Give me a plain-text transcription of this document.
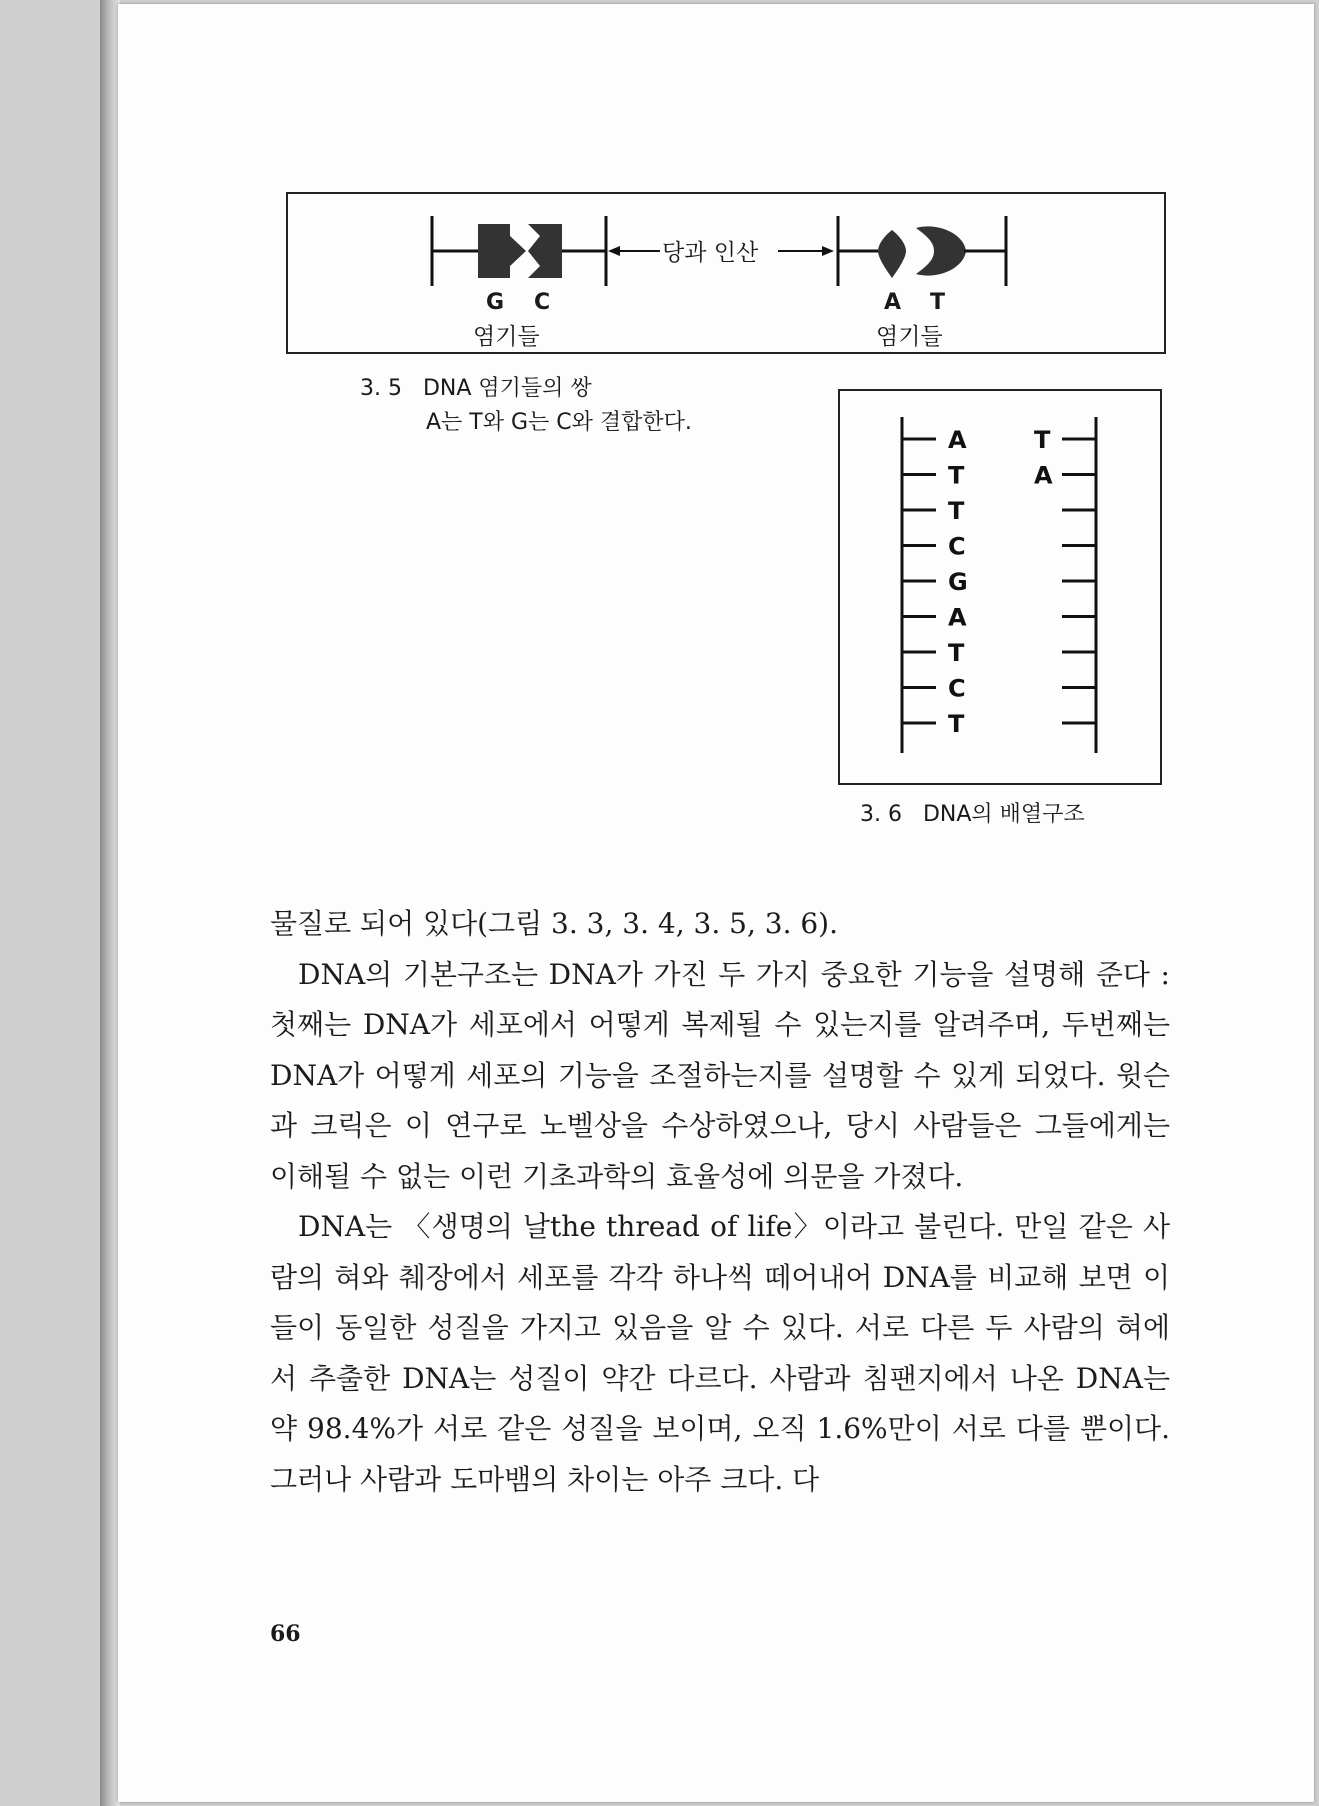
당과 인산
G C	A T
염기들	염기들
3. 5 DNA 염기들의 쌍
A는 T와 G는 C와 결합한다.
A
T
T
C
G
A
T
C
T
T
A
3. 6 DNA의 배열구조

물질로 되어 있다(그림 3. 3, 3. 4, 3. 5, 3. 6).

DNA의 기본구조는 DNA가 가진 두 가지 중요한 기능을 설명해 준다 : 첫째는 DNA가 세포에서 어떻게 복제될 수 있는지를 알려주며, 두번째는 DNA가 어떻게 세포의 기능을 조절하는지를 설명할 수 있게 되었다. 윗슨과 크릭은 이 연구로 노벨상을 수상하였으나, 당시 사람들은 그들에게는 이해될 수 없는 이런 기초과학의 효율성에 의문을 가졌다.

DNA는 〈생명의 날the thread of life〉이라고 불린다. 만일 같은 사람의 혀와 췌장에서 세포를 각각 하나씩 떼어내어 DNA를 비교해 보면 이들이 동일한 성질을 가지고 있음을 알 수 있다. 서로 다른 두 사람의 혀에서 추출한 DNA는 성질이 약간 다르다. 사람과 침팬지에서 나온 DNA는 약 98.4%가 서로 같은 성질을 보이며, 오직 1.6%만이 서로 다를 뿐이다. 그러나 사람과 도마뱀의 차이는 아주 크다. 다

66
